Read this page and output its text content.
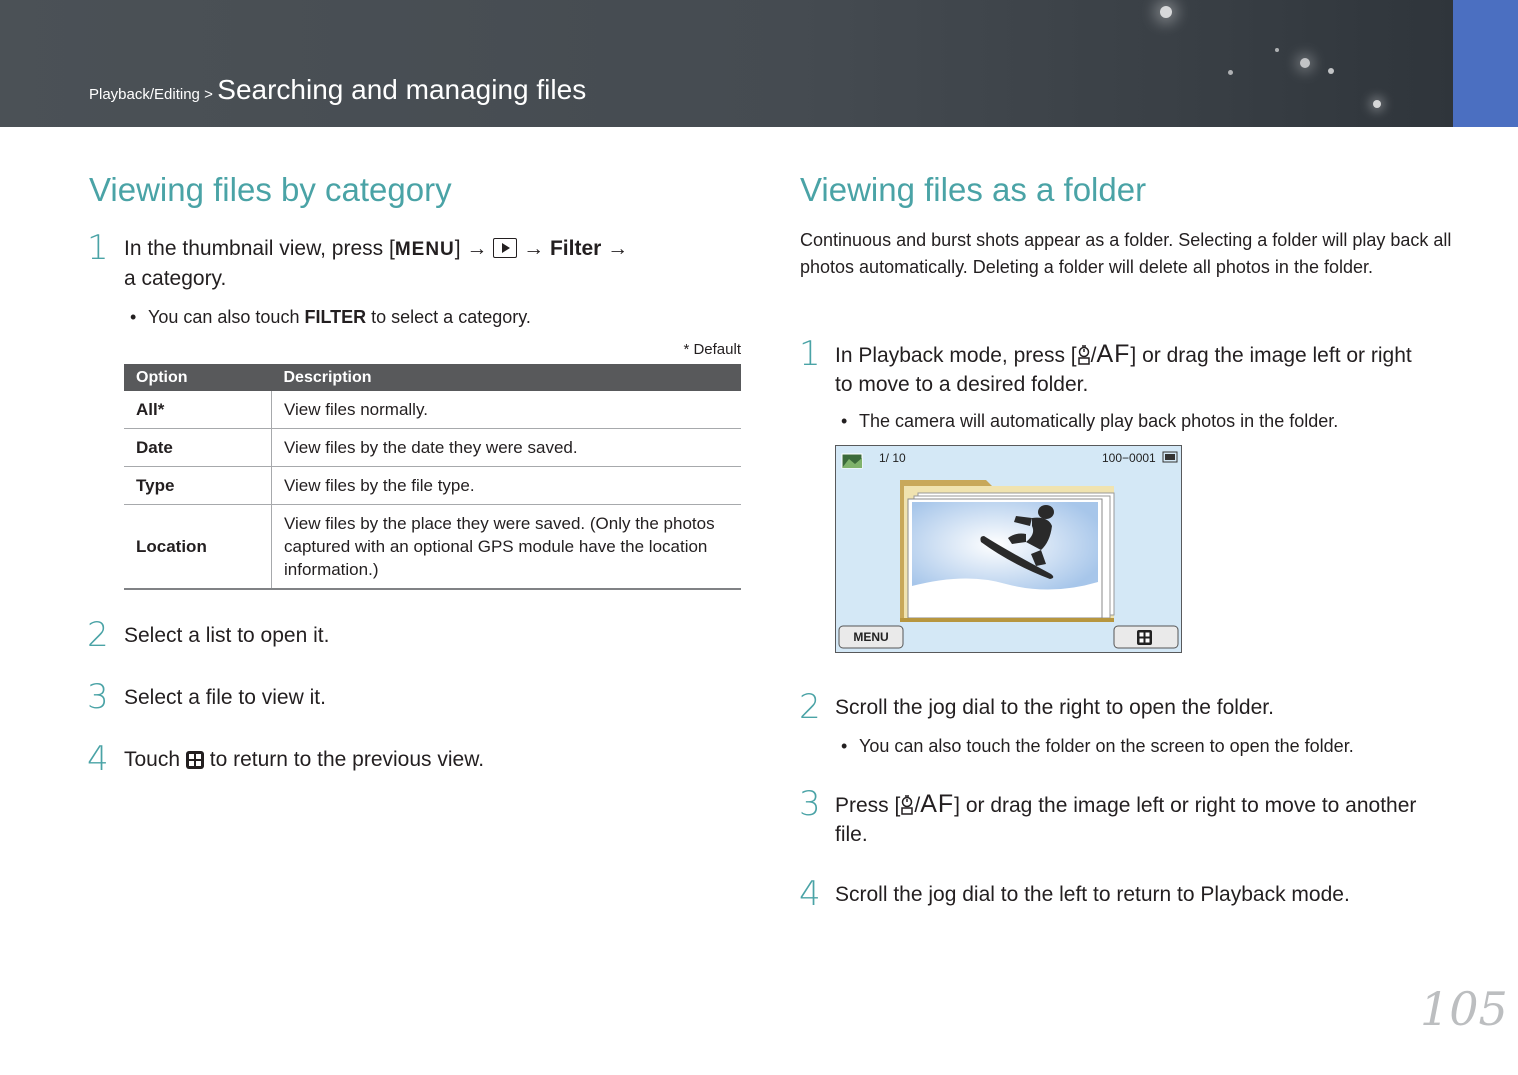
Playback/Editing > Searching and managing files
Viewing files by category
1 In the thumbnail view, press [MENU] → → Filter →
a category.
• You can also touch FILTER to select a category.
* Default
Option	Description
All*	View files normally.
Date	View files by the date they were saved.
Type	View files by the file type.
Location	View files by the place they were saved. (Only the photos captured with an optional GPS module have the location information.)
2 Select a list to open it.
3 Select a file to view it.
4 Touch to return to the previous view.
Viewing files as a folder
Continuous and burst shots appear as a folder. Selecting a folder will play back all photos automatically. Deleting a folder will delete all photos in the folder.
1 In Playback mode, press [ /AF] or drag the image left or right to move to a desired folder.
• The camera will automatically play back photos in the folder.
1/ 10	100−0001
MENU
2 Scroll the jog dial to the right to open the folder.
• You can also touch the folder on the screen to open the folder.
3 Press [ /AF] or drag the image left or right to move to another file.
4 Scroll the jog dial to the left to return to Playback mode.
105
